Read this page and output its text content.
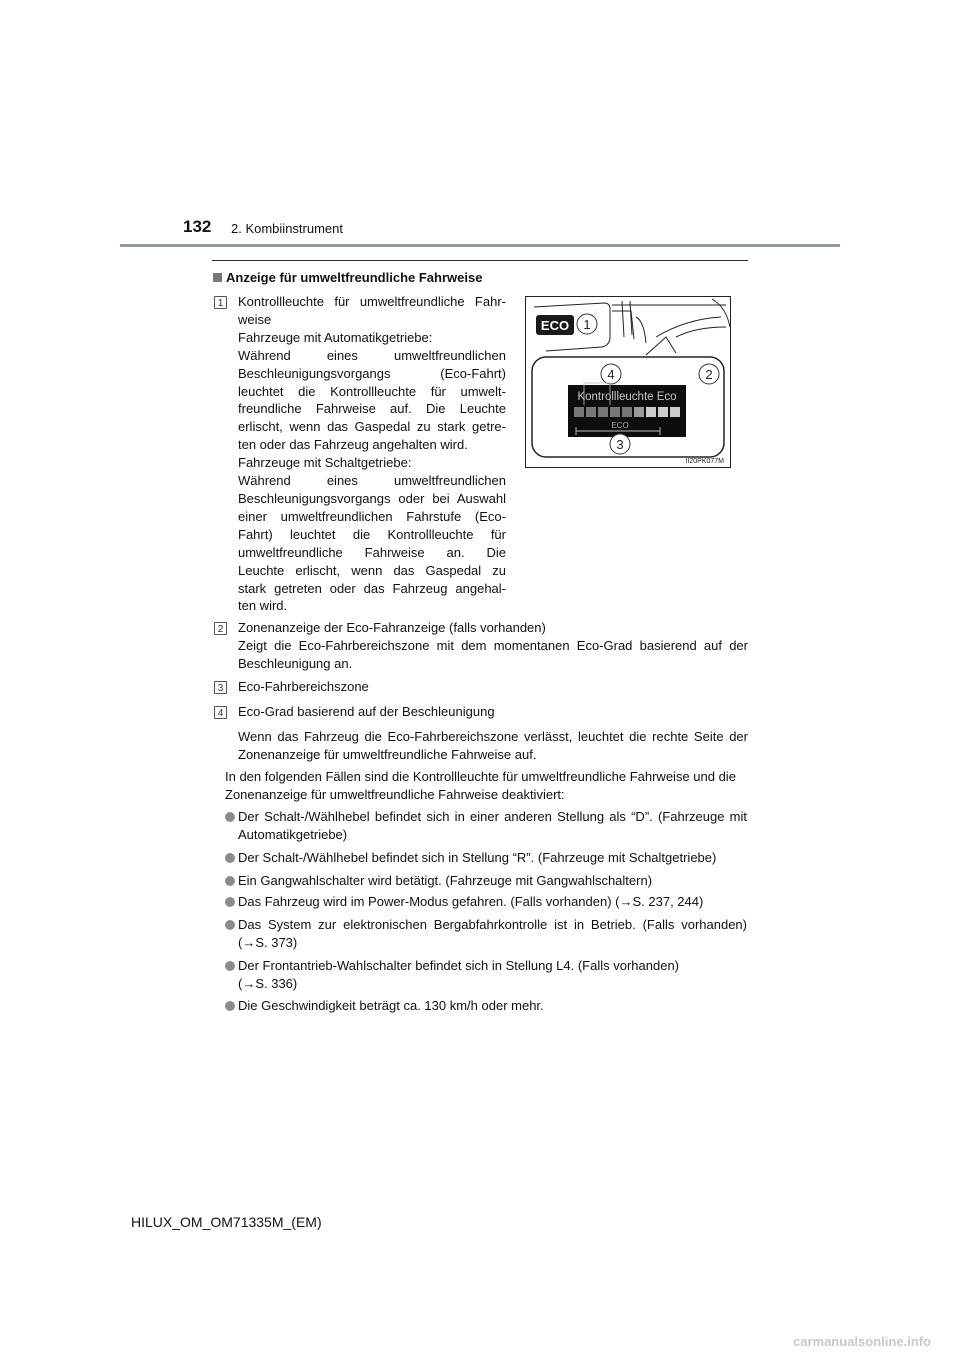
132 2. Kombiinstrument
Anzeige für umweltfreundliche Fahrweise
1 Kontrollleuchte für umweltfreundliche Fahr-
weise
Fahrzeuge mit Automatikgetriebe:
Während eines umweltfreundlichen
Beschleunigungsvorgangs (Eco-Fahrt)
leuchtet die Kontrollleuchte für umwelt-
freundliche Fahrweise auf. Die Leuchte
erlischt, wenn das Gaspedal zu stark getre-
ten oder das Fahrzeug angehalten wird.
Fahrzeuge mit Schaltgetriebe:
Während eines umweltfreundlichen
Beschleunigungsvorgangs oder bei Auswahl
einer umweltfreundlichen Fahrstufe (Eco-
Fahrt) leuchtet die Kontrollleuchte für
umweltfreundliche Fahrweise an. Die
Leuchte erlischt, wenn das Gaspedal zu
stark getreten oder das Fahrzeug angehal-
ten wird.
ECO 1
4	2
Kontrollleuchte Eco
ECO
3
II20PK077M
2 Zonenanzeige der Eco-Fahranzeige (falls vorhanden)
Zeigt die Eco-Fahrbereichszone mit dem momentanen Eco-Grad basierend auf der Beschleunigung an.
3 Eco-Fahrbereichszone
4 Eco-Grad basierend auf der Beschleunigung
Wenn das Fahrzeug die Eco-Fahrbereichszone verlässt, leuchtet die rechte Seite der Zonenanzeige für umweltfreundliche Fahrweise auf.
In den folgenden Fällen sind die Kontrollleuchte für umweltfreundliche Fahrweise und die Zonenanzeige für umweltfreundliche Fahrweise deaktiviert:
Der Schalt-/Wählhebel befindet sich in einer anderen Stellung als “D”. (Fahrzeuge mit Automatikgetriebe)
Der Schalt-/Wählhebel befindet sich in Stellung “R”. (Fahrzeuge mit Schaltgetriebe)
Ein Gangwahlschalter wird betätigt. (Fahrzeuge mit Gangwahlschaltern)
Das Fahrzeug wird im Power-Modus gefahren. (Falls vorhanden) (→S. 237, 244)
Das System zur elektronischen Bergabfahrkontrolle ist in Betrieb. (Falls vorhanden) (→S. 373)
Der Frontantrieb-Wahlschalter befindet sich in Stellung L4. (Falls vorhanden) (→S. 336)
Die Geschwindigkeit beträgt ca. 130 km/h oder mehr.
HILUX_OM_OM71335M_(EM)
carmanualsonline.info
